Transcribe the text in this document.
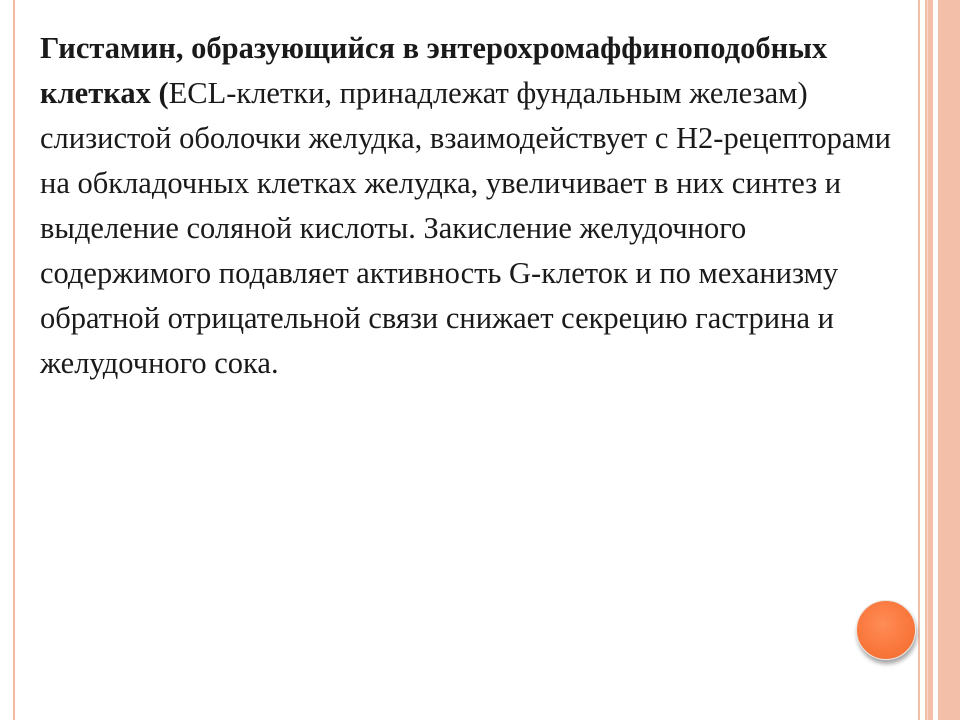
Гистамин, образующийся в энтерохромаффиноподобных клетках (ECL-клетки, принадлежат фундальным железам) слизистой оболочки желудка, взаимодействует с Н2-рецепторами на обкладочных клетках желудка, увеличивает в них синтез и выделение соляной кислоты. Закисление желудочного содержимого подавляет активность G-клеток и по механизму обратной отрицательной связи снижает секрецию гастрина и желудочного сока.
